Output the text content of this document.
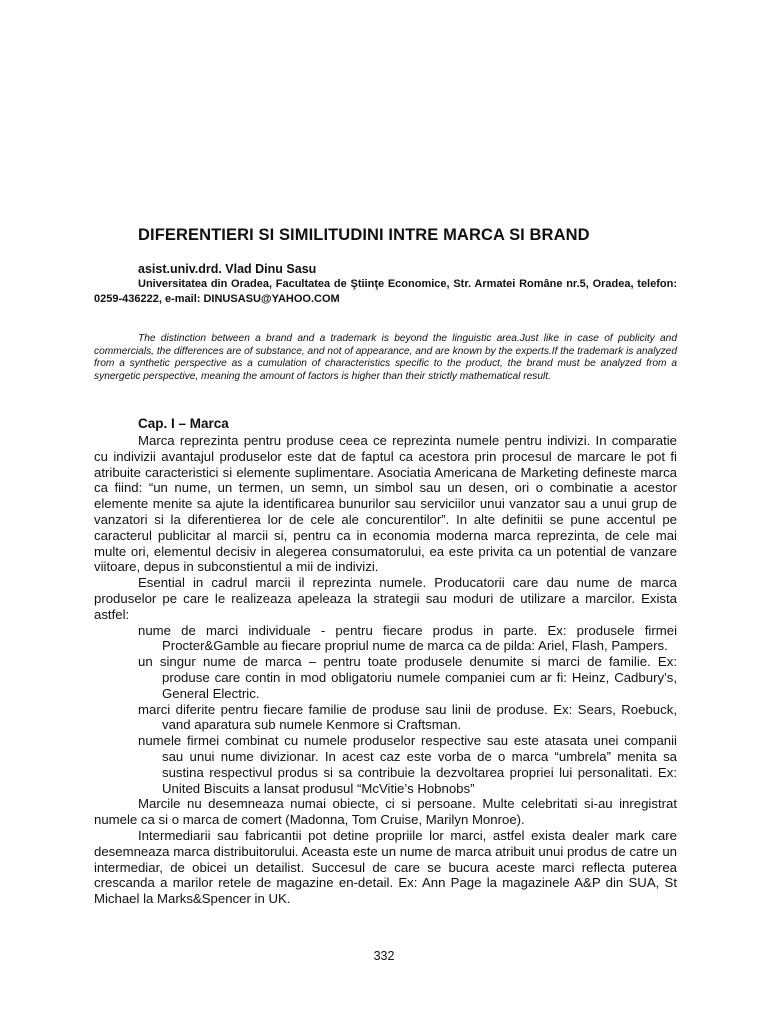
DIFERENTIERI SI SIMILITUDINI INTRE MARCA SI BRAND

asist.univ.drd. Vlad Dinu Sasu

Universitatea din Oradea, Facultatea de Ştiinţe Economice, Str. Armatei Române nr.5, Oradea, telefon: 0259-436222, e-mail: DINUSASU@YAHOO.COM

The distinction between a brand and a trademark is beyond the linguistic area.Just like in case of publicity and commercials, the differences are of substance, and not of appearance, and are known by the experts.If the trademark is analyzed from a synthetic perspective as a cumulation of characteristics specific to the product, the brand must be analyzed from a synergetic perspective, meaning the amount of factors is higher than their strictly mathematical result.

Cap. I – Marca

Marca reprezinta pentru produse ceea ce reprezinta numele pentru indivizi. In comparatie cu indivizii avantajul produselor este dat de faptul ca acestora prin procesul de marcare le pot fi atribuite caracteristici si elemente suplimentare. Asociatia Americana de Marketing defineste marca ca fiind: “un nume, un termen, un semn, un simbol sau un desen, ori o combinatie a acestor elemente menite sa ajute la identificarea bunurilor sau serviciilor unui vanzator sau a unui grup de vanzatori si la diferentierea lor de cele ale concurentilor”. In alte definitii se pune accentul pe caracterul publicitar al marcii si, pentru ca in economia moderna marca reprezinta, de cele mai multe ori, elementul decisiv in alegerea consumatorului, ea este privita ca un potential de vanzare viitoare, depus in subconstientul a mii de indivizi.

Esential in cadrul marcii il reprezinta numele. Producatorii care dau nume de marca produselor pe care le realizeaza apeleaza la strategii sau moduri de utilizare a marcilor. Exista astfel:

nume de marci individuale - pentru fiecare produs in parte. Ex: produsele firmei Procter&Gamble au fiecare propriul nume de marca ca de pilda: Ariel, Flash, Pampers.
un singur nume de marca – pentru toate produsele denumite si marci de familie. Ex: produse care contin in mod obligatoriu numele companiei cum ar fi: Heinz, Cadbury’s, General Electric.
marci diferite pentru fiecare familie de produse sau linii de produse. Ex: Sears, Roebuck, vand aparatura sub numele Kenmore si Craftsman.
numele firmei combinat cu numele produselor respective sau este atasata unei companii sau unui nume divizionar. In acest caz este vorba de o marca “umbrela” menita sa sustina respectivul produs si sa contribuie la dezvoltarea propriei lui personalitati. Ex: United Biscuits a lansat produsul “McVitie’s Hobnobs”

Marcile nu desemneaza numai obiecte, ci si persoane. Multe celebritati si-au inregistrat numele ca si o marca de comert (Madonna, Tom Cruise, Marilyn Monroe).

Intermediarii sau fabricantii pot detine propriile lor marci, astfel exista dealer mark care desemneaza marca distribuitorului. Aceasta este un nume de marca atribuit unui produs de catre un intermediar, de obicei un detailist. Succesul de care se bucura aceste marci reflecta puterea crescanda a marilor retele de magazine en-detail. Ex: Ann Page la magazinele A&P din SUA, St Michael la Marks&Spencer in UK.

332
